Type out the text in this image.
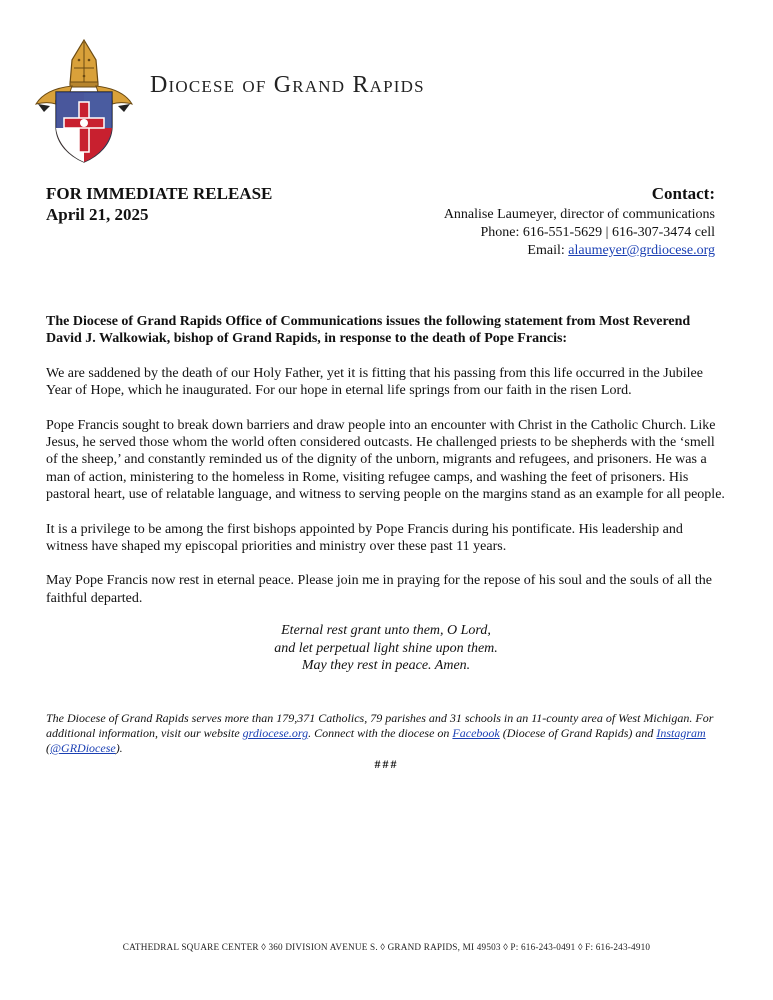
Diocese of Grand Rapids
FOR IMMEDIATE RELEASE
April 21, 2025
Contact:
Annalise Laumeyer, director of communications
Phone: 616-551-5629 | 616-307-3474 cell
Email: alaumeyer@grdiocese.org

The Diocese of Grand Rapids Office of Communications issues the following statement from Most Reverend David J. Walkowiak, bishop of Grand Rapids, in response to the death of Pope Francis:

We are saddened by the death of our Holy Father, yet it is fitting that his passing from this life occurred in the Jubilee Year of Hope, which he inaugurated. For our hope in eternal life springs from our faith in the risen Lord.

Pope Francis sought to break down barriers and draw people into an encounter with Christ in the Catholic Church. Like Jesus, he served those whom the world often considered outcasts. He challenged priests to be shepherds with the ‘smell of the sheep,’ and constantly reminded us of the dignity of the unborn, migrants and refugees, and prisoners. He was a man of action, ministering to the homeless in Rome, visiting refugee camps, and washing the feet of prisoners. His pastoral heart, use of relatable language, and witness to serving people on the margins stand as an example for all people.

It is a privilege to be among the first bishops appointed by Pope Francis during his pontificate. His leadership and witness have shaped my episcopal priorities and ministry over these past 11 years.

May Pope Francis now rest in eternal peace. Please join me in praying for the repose of his soul and the souls of all the faithful departed.

Eternal rest grant unto them, O Lord,
and let perpetual light shine upon them.
May they rest in peace. Amen.
The Diocese of Grand Rapids serves more than 179,371 Catholics, 79 parishes and 31 schools in an 11-county area of West Michigan. For additional information, visit our website grdiocese.org. Connect with the diocese on Facebook (Diocese of Grand Rapids) and Instagram (@GRDiocese).
###
CATHEDRAL SQUARE CENTER ◊ 360 DIVISION AVENUE S. ◊ GRAND RAPIDS, MI 49503 ◊ P: 616-243-0491 ◊ F: 616-243-4910
